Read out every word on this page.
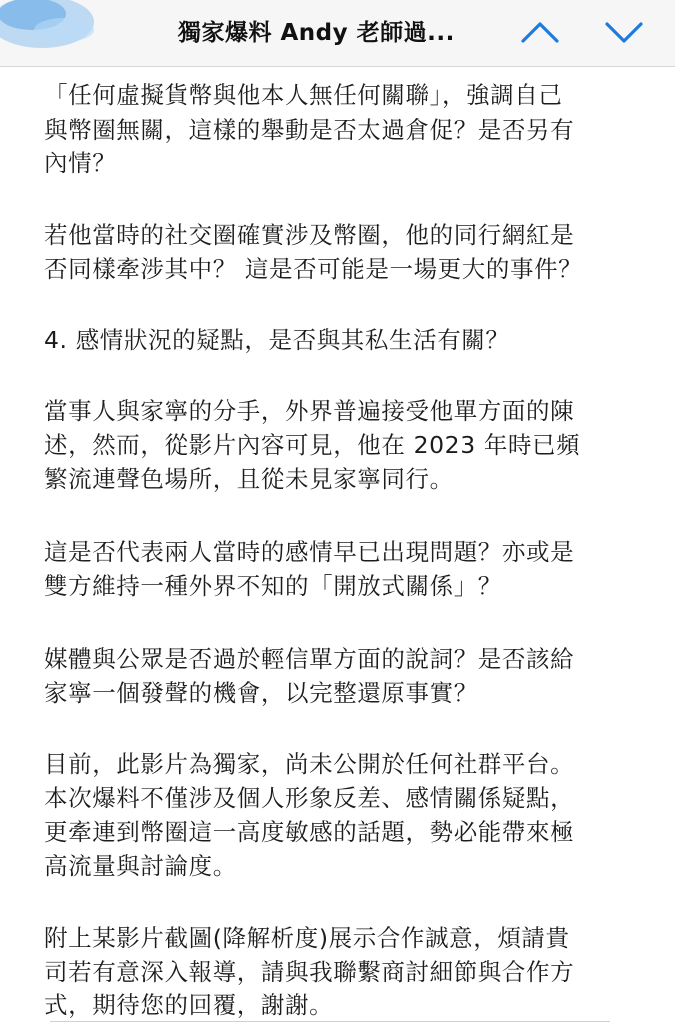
獨家爆料 Andy 老師過...
「任何虛擬貨幣與他本人無任何關聯」，強調自己
與幣圈無關，這樣的舉動是否太過倉促？是否另有
內情？
若他當時的社交圈確實涉及幣圈，他的同行網紅是
否同樣牽涉其中？ 這是否可能是一場更大的事件？
4. 感情狀況的疑點，是否與其私生活有關？
當事人與家寧的分手，外界普遍接受他單方面的陳
述，然而，從影片內容可見，他在 2023 年時已頻
繁流連聲色場所，且從未見家寧同行。
這是否代表兩人當時的感情早已出現問題？亦或是
雙方維持一種外界不知的「開放式關係」？
媒體與公眾是否過於輕信單方面的說詞？是否該給
家寧一個發聲的機會，以完整還原事實？
目前，此影片為獨家，尚未公開於任何社群平台。
本次爆料不僅涉及個人形象反差、感情關係疑點，
更牽連到幣圈這一高度敏感的話題，勢必能帶來極
高流量與討論度。
附上某影片截圖(降解析度)展示合作誠意，煩請貴
司若有意深入報導，請與我聯繫商討細節與合作方
式，期待您的回覆，謝謝。
